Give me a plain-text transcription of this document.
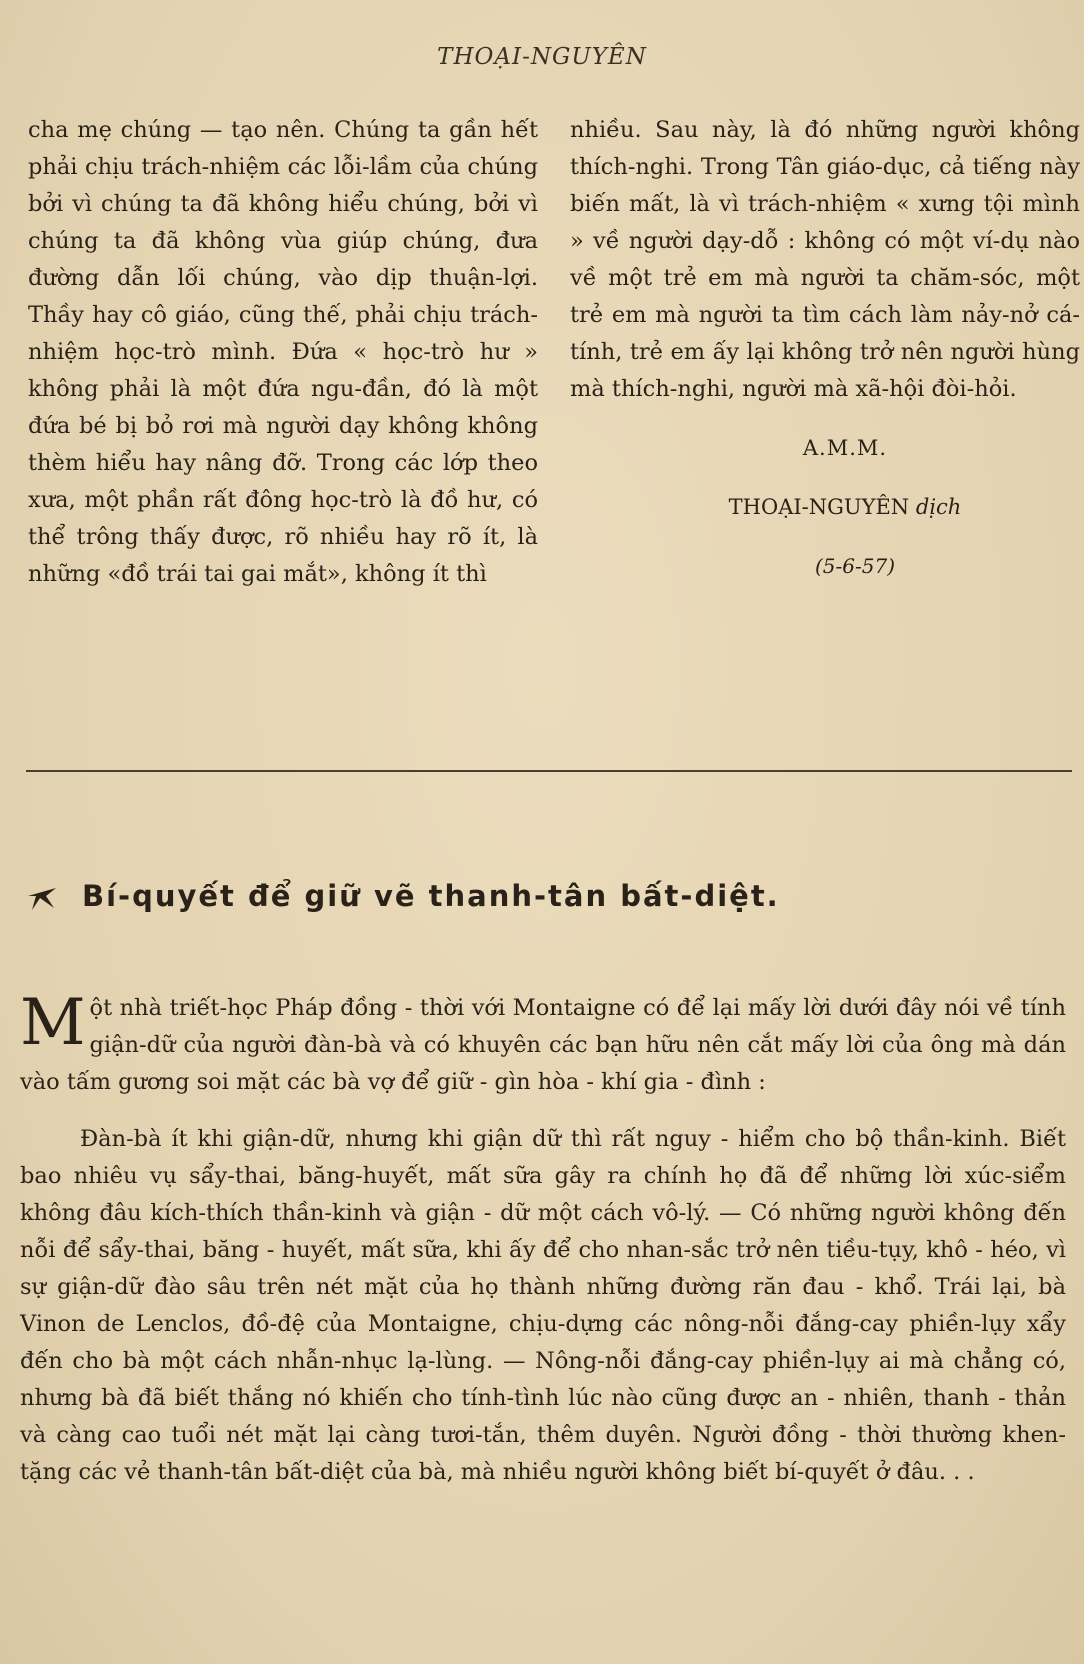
THOẠI-NGUYÊN

cha mẹ chúng — tạo nên. Chúng ta gần hết phải chịu trách-nhiệm các lỗi-lầm của chúng bởi vì chúng ta đã không hiểu chúng, bởi vì chúng ta đã không vùa giúp chúng, đưa đường dẫn lối chúng, vào dịp thuận-lợi. Thầy hay cô giáo, cũng thế, phải chịu trách-nhiệm học-trò mình. Đứa « học-trò hư » không phải là một đứa ngu-đần, đó là một đứa bé bị bỏ rơi mà người dạy không không thèm hiểu hay nâng đỡ. Trong các lớp theo xưa, một phần rất đông học-trò là đồ hư, có thể trông thấy được, rõ nhiều hay rõ ít, là những «đồ trái tai gai mắt», không ít thì

nhiều. Sau này, là đó những người không thích-nghi. Trong Tân giáo-dục, cả tiếng này biến mất, là vì trách-nhiệm « xưng tội mình » về người dạy-dỗ : không có một ví-dụ nào về một trẻ em mà người ta chăm-sóc, một trẻ em mà người ta tìm cách làm nảy-nở cá-tính, trẻ em ấy lại không trở nên người hùng mà thích-nghi, người mà xã-hội đòi-hỏi.

A.M.M.
THOẠI-NGUYÊN dịch
(5-6-57)
Bí-quyết để giữ vẽ thanh-tân bất-diệt.

Một nhà triết-học Pháp đồng - thời với Montaigne có để lại mấy lời dưới đây nói về tính giận-dữ của người đàn-bà và có khuyên các bạn hữu nên cắt mấy lời của ông mà dán vào tấm gương soi mặt các bà vợ để giữ - gìn hòa - khí gia - đình :

Đàn-bà ít khi giận-dữ, nhưng khi giận dữ thì rất nguy - hiểm cho bộ thần-kinh. Biết bao nhiêu vụ sẩy-thai, băng-huyết, mất sữa gây ra chính họ đã để những lời xúc-siểm không đâu kích-thích thần-kinh và giận - dữ một cách vô-lý. — Có những người không đến nỗi để sẩy-thai, băng - huyết, mất sữa, khi ấy để cho nhan-sắc trở nên tiều-tụy, khô - héo, vì sự giận-dữ đào sâu trên nét mặt của họ thành những đường răn đau - khổ. Trái lại, bà Vinon de Lenclos, đồ-đệ của Montaigne, chịu-dựng các nông-nỗi đắng-cay phiền-lụy xẩy đến cho bà một cách nhẫn-nhục lạ-lùng. — Nông-nỗi đắng-cay phiền-lụy ai mà chẳng có, nhưng bà đã biết thắng nó khiến cho tính-tình lúc nào cũng được an - nhiên, thanh - thản và càng cao tuổi nét mặt lại càng tươi-tắn, thêm duyên. Người đồng - thời thường khen-tặng các vẻ thanh-tân bất-diệt của bà, mà nhiều người không biết bí-quyết ở đâu. . .
